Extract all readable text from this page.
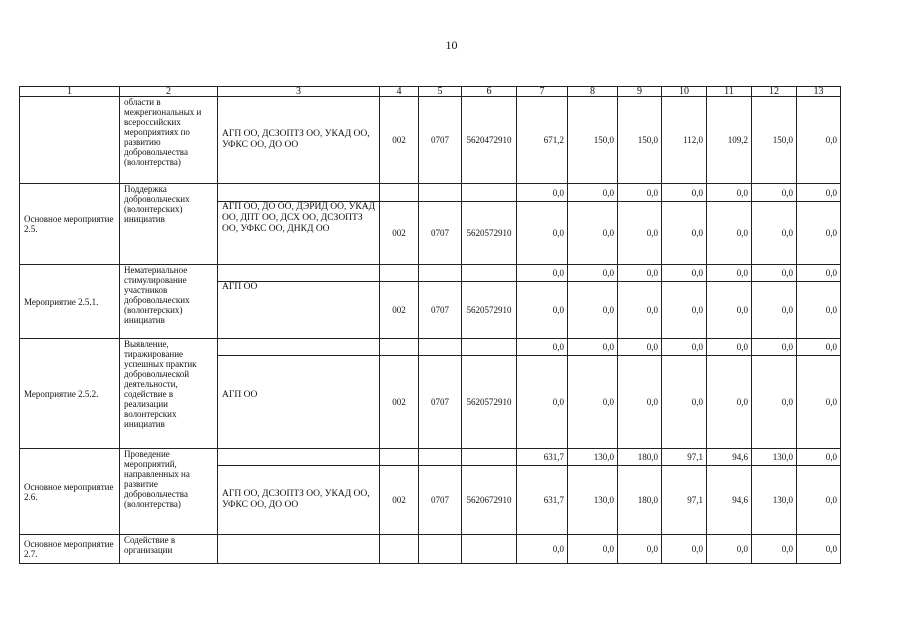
10
1	2	3	4	5	6	7	8	9	10	11	12	13
	области в межрегиональных и всероссийских мероприятиях по развитию добровольчества (волонтерства)	АГП ОО, ДСЗОПТЗ ОО, УКАД ОО, УФКС ОО, ДО ОО	002	0707	5620472910	671,2	150,0	150,0	112,0	109,2	150,0	0,0
Основное мероприятие 2.5.	Поддержка добровольческих (волонтерских) инициатив					0,0	0,0	0,0	0,0	0,0	0,0	0,0
		АГП ОО, ДО ОО, ДЭРИД ОО, УКАД ОО, ДПТ ОО, ДСХ ОО, ДСЗОПТЗ ОО, УФКС ОО, ДНКД ОО	002	0707	5620572910	0,0	0,0	0,0	0,0	0,0	0,0	0,0
Мероприятие 2.5.1.	Нематериальное стимулирование участников добровольческих (волонтерских) инициатив					0,0	0,0	0,0	0,0	0,0	0,0	0,0
		АГП ОО	002	0707	5620572910	0,0	0,0	0,0	0,0	0,0	0,0	0,0
Мероприятие 2.5.2.	Выявление, тиражирование успешных практик добровольческой деятельности, содействие в реализации волонтерских инициатив					0,0	0,0	0,0	0,0	0,0	0,0	0,0
		АГП ОО	002	0707	5620572910	0,0	0,0	0,0	0,0	0,0	0,0	0,0
Основное мероприятие 2.6.	Проведение мероприятий, направленных на развитие добровольчества (волонтерства)					631,7	130,0	180,0	97,1	94,6	130,0	0,0
		АГП ОО, ДСЗОПТЗ ОО, УКАД ОО, УФКС ОО, ДО ОО	002	0707	5620672910	631,7	130,0	180,0	97,1	94,6	130,0	0,0
Основное мероприятие 2.7.	Содействие в организации					0,0	0,0	0,0	0,0	0,0	0,0	0,0
